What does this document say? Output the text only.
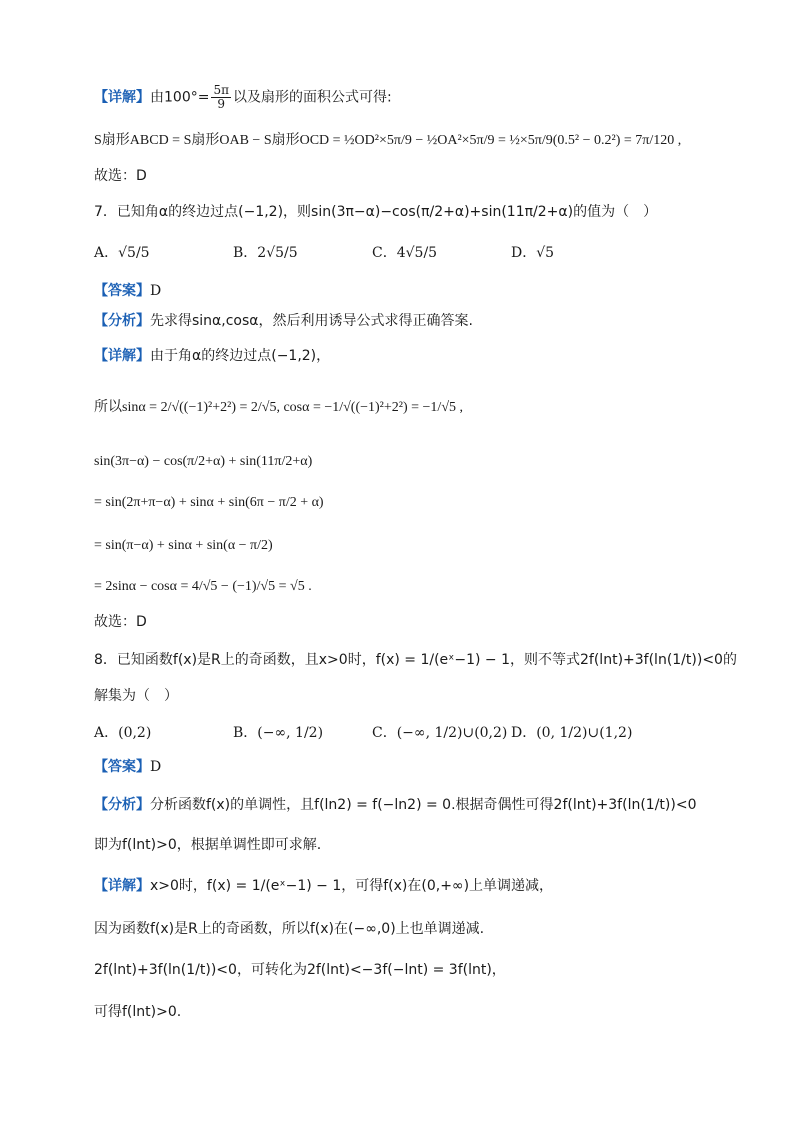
【详解】由$100^\circ= \frac{5\pi}{9}$ 以及扇形的面积公式可得:
S扇形ABCD = S扇形OAB − S扇形OCD = ½OD²×5π/9 − ½OA²×5π/9 = ½×5π/9(0.5² − 0.2²) = 7π/120 ,
故选：D
7．已知角α的终边过点(−1,2)，则sin(3π−α)−cos(π/2+α)+sin(11π/2+α)的值为（　）
A．√5/5	B．2√5/5	C．4√5/5	D．√5
【答案】D
【分析】先求得sinα,cosα，然后利用诱导公式求得正确答案.
【详解】由于角α的终边过点(−1,2)，
所以sinα = 2/√((−1)²+2²) = 2/√5, cosα = −1/√((−1)²+2²) = −1/√5 ,
sin(3π−α) − cos(π/2+α) + sin(11π/2+α)
= sin(2π+π−α) + sinα + sin(6π − π/2 + α)
= sin(π−α) + sinα + sin(α − π/2)
= 2sinα − cosα = 4/√5 − (−1)/√5 = √5 .
故选：D
8．已知函数f(x)是R上的奇函数，且x>0时，f(x) = 1/(eˣ−1) − 1，则不等式2f(lnt)+3f(ln(1/t))<0的
解集为（　）
A．(0,2)	B．(−∞, 1/2)	C．(−∞, 1/2)∪(0,2) D．(0, 1/2)∪(1,2)
【答案】D
【分析】分析函数f(x)的单调性，且f(ln2) = f(−ln2) = 0.根据奇偶性可得2f(lnt)+3f(ln(1/t))<0
即为f(lnt)>0，根据单调性即可求解.
【详解】x>0时，f(x) = 1/(eˣ−1) − 1，可得f(x)在(0,+∞)上单调递减，
因为函数f(x)是R上的奇函数，所以f(x)在(−∞,0)上也单调递减.
2f(lnt)+3f(ln(1/t))<0，可转化为2f(lnt)<−3f(−lnt) = 3f(lnt)，
可得f(lnt)>0.
